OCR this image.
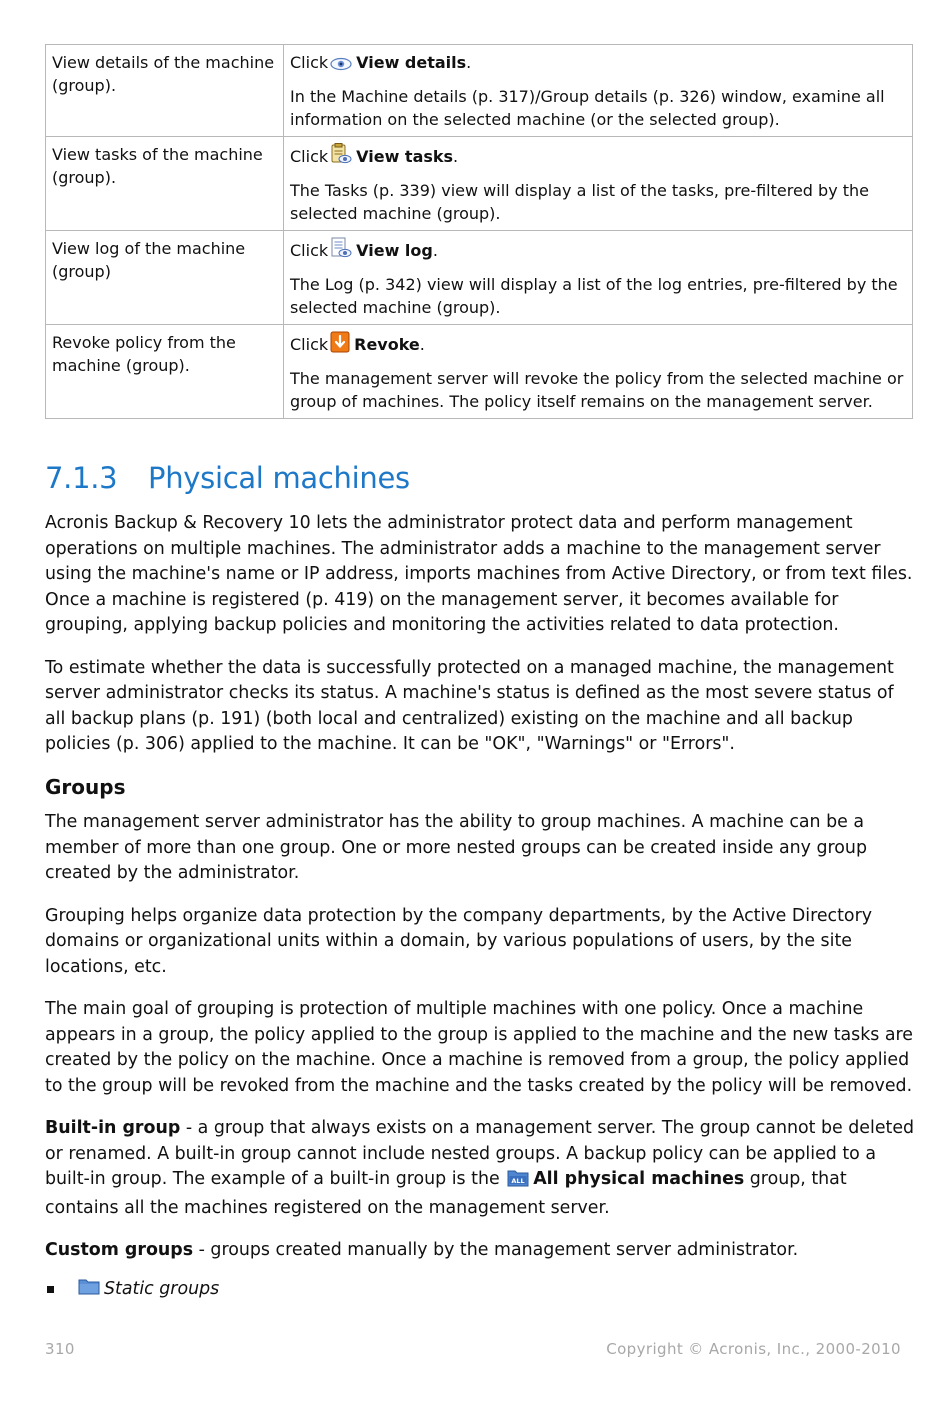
View details of the machine (group).	Click View details.

In the Machine details (p. 317)/Group details (p. 326) window, examine all information on the selected machine (or the selected group).

View tasks of the machine (group).	Click View tasks.

The Tasks (p. 339) view will display a list of the tasks, pre-filtered by the selected machine (group).

View log of the machine (group)	Click View log.

The Log (p. 342) view will display a list of the log entries, pre-filtered by the selected machine (group).

Revoke policy from the machine (group).	Click Revoke.

The management server will revoke the policy from the selected machine or group of machines. The policy itself remains on the management server.

7.1.3 Physical machines

Acronis Backup & Recovery 10 lets the administrator protect data and perform management operations on multiple machines. The administrator adds a machine to the management server using the machine's name or IP address, imports machines from Active Directory, or from text files. Once a machine is registered (p. 419) on the management server, it becomes available for grouping, applying backup policies and monitoring the activities related to data protection.

To estimate whether the data is successfully protected on a managed machine, the management server administrator checks its status. A machine's status is defined as the most severe status of all backup plans (p. 191) (both local and centralized) existing on the machine and all backup policies (p. 306) applied to the machine. It can be "OK", "Warnings" or "Errors".

Groups

The management server administrator has the ability to group machines. A machine can be a member of more than one group. One or more nested groups can be created inside any group created by the administrator.

Grouping helps organize data protection by the company departments, by the Active Directory domains or organizational units within a domain, by various populations of users, by the site locations, etc.

The main goal of grouping is protection of multiple machines with one policy. Once a machine appears in a group, the policy applied to the group is applied to the machine and the new tasks are created by the policy on the machine. Once a machine is removed from a group, the policy applied to the group will be revoked from the machine and the tasks created by the policy will be removed.

Built-in group - a group that always exists on a management server. The group cannot be deleted or renamed. A built-in group cannot include nested groups. A backup policy can be applied to a built-in group. The example of a built-in group is the ALL All physical machines group, that contains all the machines registered on the management server.

Custom groups - groups created manually by the management server administrator.

Static groups
310	Copyright © Acronis, Inc., 2000-2010
